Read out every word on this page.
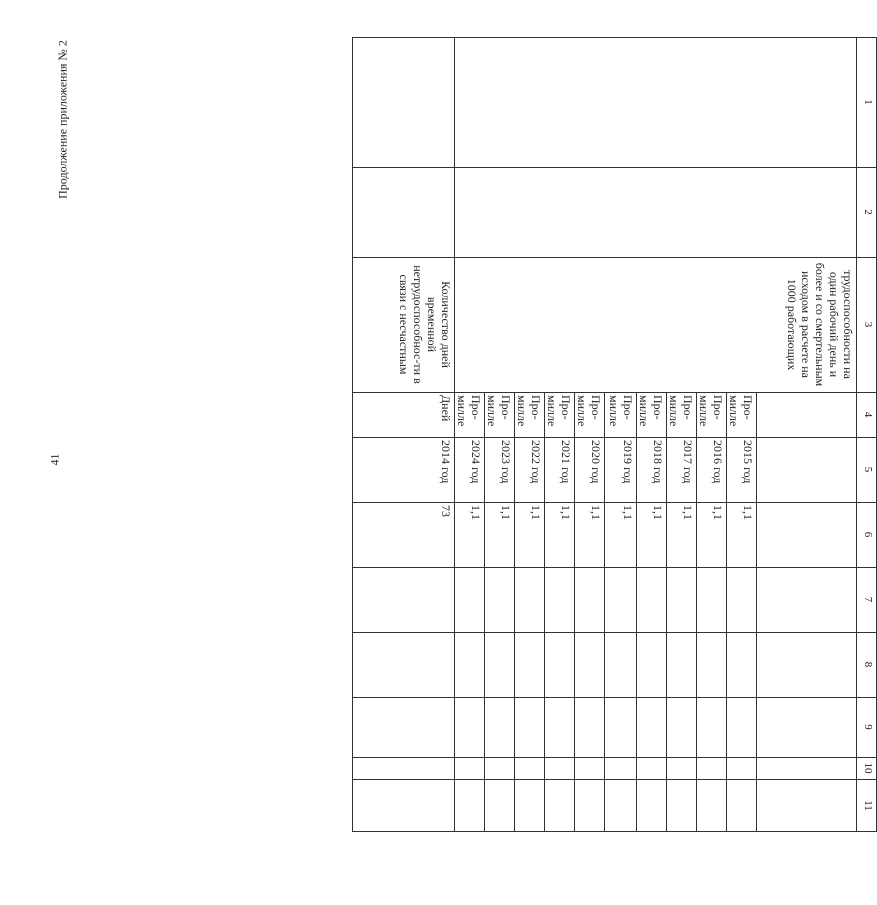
41
Продолжение приложения № 2	1
2
3
4
5
6
7
8
9
10
11
трудоспособности на один рабочий день и более и со смертельным исходом в расчете на 1000 работающих
Про-милле
2015 год
1,1
Про-милле
2016 год
1,1
Про-милле
2017 год
1,1
Про-милле
2018 год
1,1
Про-милле
2019 год
1,1
Про-милле
2020 год
1,1
Про-милле
2021 год
1,1
Про-милле
2022 год
1,1
Про-милле
2023 год
1,1
Про-милле
2024 год
1,1
Количество дней временной нетрудоспособнос-ти в связи с несчастным
Дней
2014 год
73
